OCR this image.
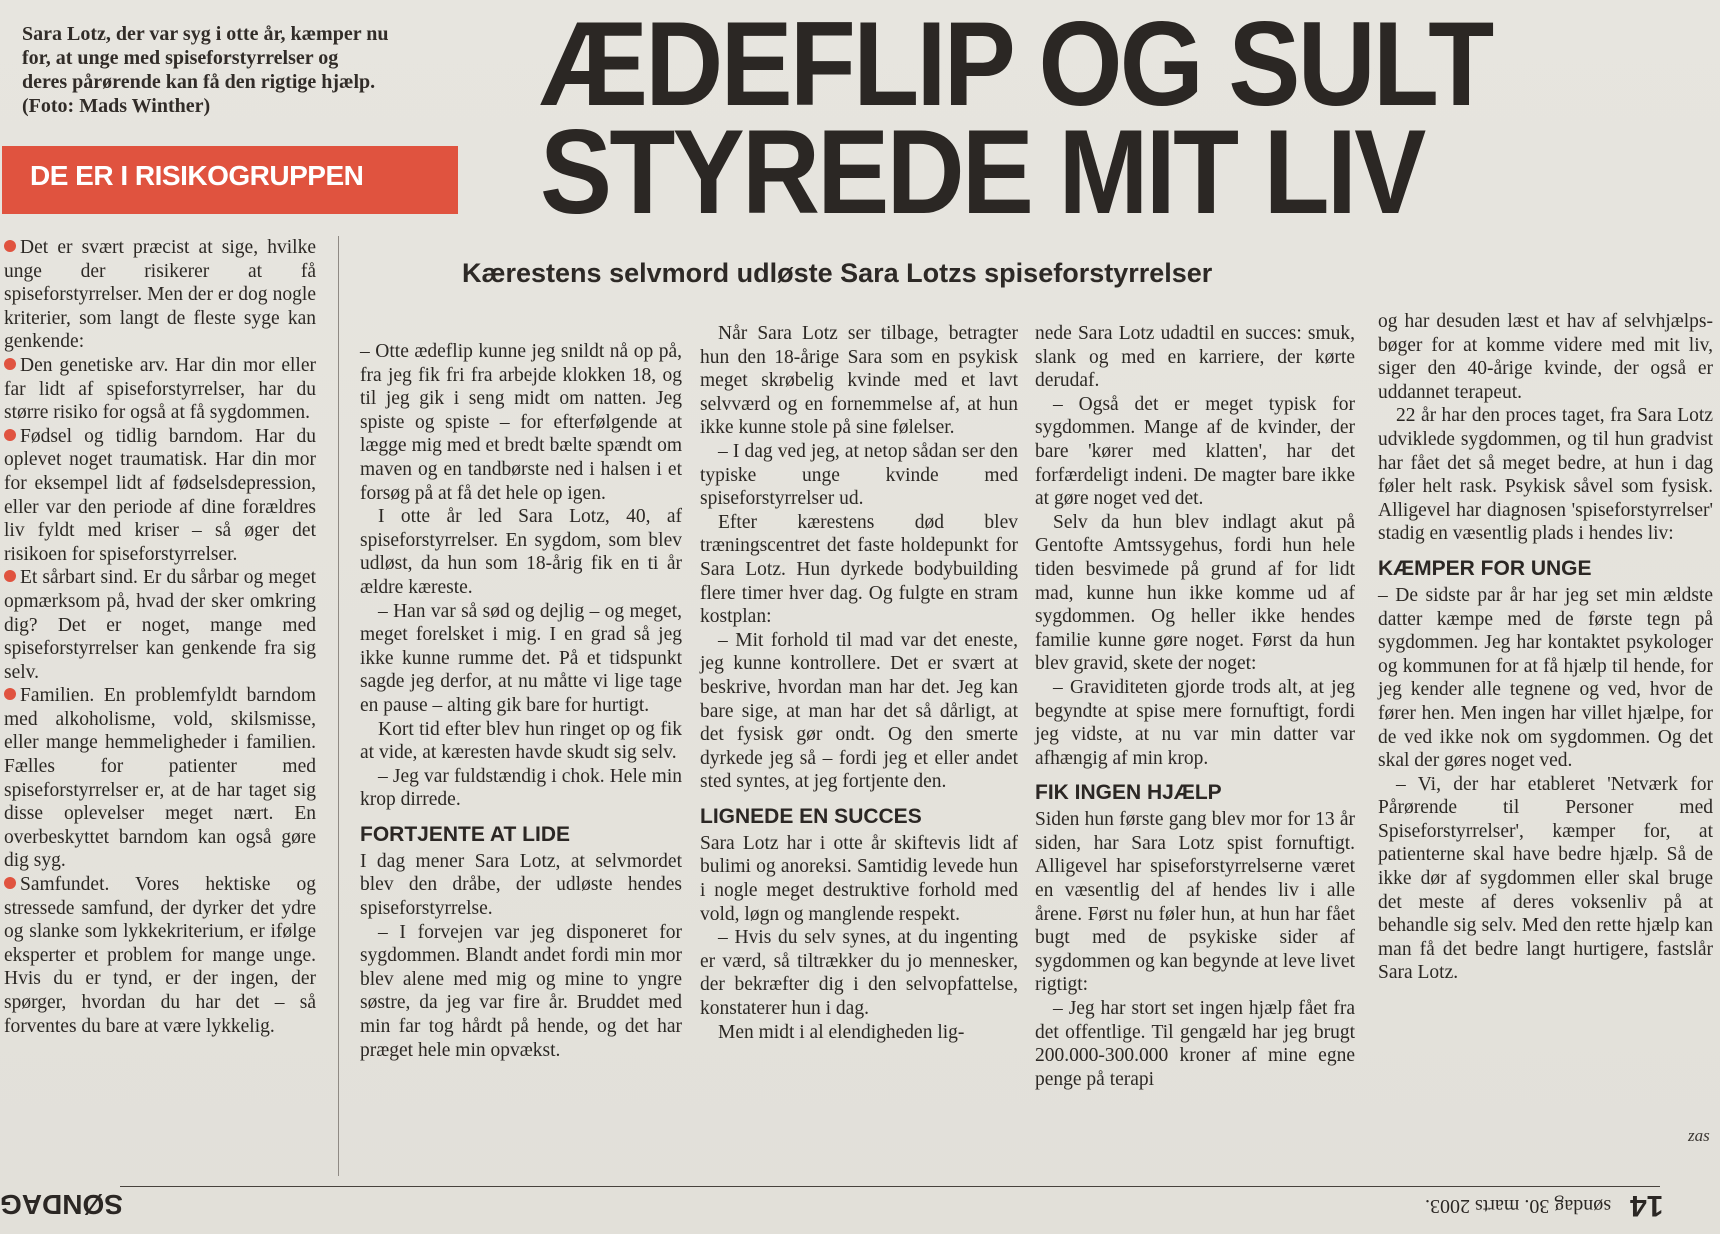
Sara Lotz, der var syg i otte år, kæmper nu

for, at unge med spiseforstyrrelser og

deres pårørende kan få den rigtige hjælp.

(Foto: Mads Winther)	ÆDEFLIP OG SULT
STYREDE MIT LIV
DE ER I RISIKOGRUPPEN
Kærestens selvmord udløste Sara Lotzs spiseforstyrrelser

Det er svært præcist at sige, hvilke unge der risikerer at få spiseforstyrrelser. Men der er dog nogle kriterier, som langt de fleste syge kan genkende:

Den genetiske arv. Har din mor eller far lidt af spiseforstyrrelser, har du større risiko for også at få sygdommen.

Fødsel og tidlig barndom. Har du oplevet noget traumatisk. Har din mor for eksempel lidt af fødselsdepression, eller var den periode af dine forældres liv fyldt med kriser – så øger det risikoen for spiseforstyrrelser.

Et sårbart sind. Er du sårbar og meget opmærksom på, hvad der sker omkring dig? Det er noget, mange med spiseforstyrrelser kan genkende fra sig selv.

Familien. En problemfyldt barndom med alkoholisme, vold, skilsmisse, eller mange hemmeligheder i familien. Fælles for patienter med spiseforstyrrelser er, at de har taget sig disse oplevelser meget nært. En overbeskyttet barndom kan også gøre dig syg.

Samfundet. Vores hektiske og stressede samfund, der dyrker det ydre og slanke som lykkekriterium, er ifølge eksperter et problem for mange unge. Hvis du er tynd, er der ingen, der spørger, hvordan du har det – så forventes du bare at være lykkelig.

– Otte ædeflip kunne jeg snildt nå op på, fra jeg fik fri fra arbejde klokken 18, og til jeg gik i seng midt om natten. Jeg spiste og spiste – for efterfølgende at lægge mig med et bredt bælte spændt om maven og en tandbørste ned i halsen i et forsøg på at få det hele op igen.

I otte år led Sara Lotz, 40, af spiseforstyrrelser. En sygdom, som blev udløst, da hun som 18-årig fik en ti år ældre kæreste.

– Han var så sød og dejlig – og meget, meget forelsket i mig. I en grad så jeg ikke kunne rumme det. På et tidspunkt sagde jeg derfor, at nu måtte vi lige tage en pause – alting gik bare for hurtigt.

Kort tid efter blev hun ringet op og fik at vide, at kæresten havde skudt sig selv.

– Jeg var fuldstændig i chok. Hele min krop dirrede.

FORTJENTE AT LIDE

I dag mener Sara Lotz, at selvmordet blev den dråbe, der udløste hendes spiseforstyrrelse.

– I forvejen var jeg disponeret for sygdommen. Blandt andet fordi min mor blev alene med mig og mine to yngre søstre, da jeg var fire år. Bruddet med min far tog hårdt på hende, og det har præget hele min opvækst.

Når Sara Lotz ser tilbage, betragter hun den 18-årige Sara som en psykisk meget skrøbelig kvinde med et lavt selvværd og en fornemmelse af, at hun ikke kunne stole på sine følelser.

– I dag ved jeg, at netop sådan ser den typiske unge kvinde med spiseforstyrrelser ud.

Efter kærestens død blev træningscentret det faste holdepunkt for Sara Lotz. Hun dyrkede bodybuilding flere timer hver dag. Og fulgte en stram kostplan:

– Mit forhold til mad var det eneste, jeg kunne kontrollere. Det er svært at beskrive, hvordan man har det. Jeg kan bare sige, at man har det så dårligt, at det fysisk gør ondt. Og den smerte dyrkede jeg så – fordi jeg et eller andet sted syntes, at jeg fortjente den.

LIGNEDE EN SUCCES

Sara Lotz har i otte år skiftevis lidt af bulimi og anoreksi. Samtidig levede hun i nogle meget destruktive forhold med vold, løgn og manglende respekt.

– Hvis du selv synes, at du ingenting er værd, så tiltrækker du jo mennesker, der bekræfter dig i den selvopfattelse, konstaterer hun i dag.

Men midt i al elendigheden lig-

nede Sara Lotz udadtil en succes: smuk, slank og med en karriere, der kørte derudaf.

– Også det er meget typisk for sygdommen. Mange af de kvinder, der bare 'kører med klatten', har det forfærdeligt indeni. De magter bare ikke at gøre noget ved det.

Selv da hun blev indlagt akut på Gentofte Amtssygehus, fordi hun hele tiden besvimede på grund af for lidt mad, kunne hun ikke komme ud af sygdommen. Og heller ikke hendes familie kunne gøre noget. Først da hun blev gravid, skete der noget:

– Graviditeten gjorde trods alt, at jeg begyndte at spise mere fornuftigt, fordi jeg vidste, at nu var min datter var afhængig af min krop.

FIK INGEN HJÆLP

Siden hun første gang blev mor for 13 år siden, har Sara Lotz spist fornuftigt. Alligevel har spiseforstyrrelserne været en væsentlig del af hendes liv i alle årene. Først nu føler hun, at hun har fået bugt med de psykiske sider af sygdommen og kan begynde at leve livet rigtigt:

– Jeg har stort set ingen hjælp fået fra det offentlige. Til gengæld har jeg brugt 200.000-300.000 kroner af mine egne penge på terapi

og har desuden læst et hav af selvhjælps-bøger for at komme videre med mit liv, siger den 40-årige kvinde, der også er uddannet terapeut.

22 år har den proces taget, fra Sara Lotz udviklede sygdommen, og til hun gradvist har fået det så meget bedre, at hun i dag føler helt rask. Psykisk såvel som fysisk. Alligevel har diagnosen 'spiseforstyrrelser' stadig en væsentlig plads i hendes liv:

KÆMPER FOR UNGE

– De sidste par år har jeg set min ældste datter kæmpe med de første tegn på sygdommen. Jeg har kontaktet psykologer og kommunen for at få hjælp til hende, for jeg kender alle tegnene og ved, hvor de fører hen. Men ingen har villet hjælpe, for de ved ikke nok om sygdommen. Og det skal der gøres noget ved.

– Vi, der har etableret 'Netværk for Pårørende til Personer med Spiseforstyrrelser', kæmper for, at patienterne skal have bedre hjælp. Så de ikke dør af sygdommen eller skal bruge det meste af deres voksenliv på at behandle sig selv. Med den rette hjælp kan man få det bedre langt hurtigere, fastslår Sara Lotz.

zas
SØNDAG	søndag 30. marts 2003. 14
